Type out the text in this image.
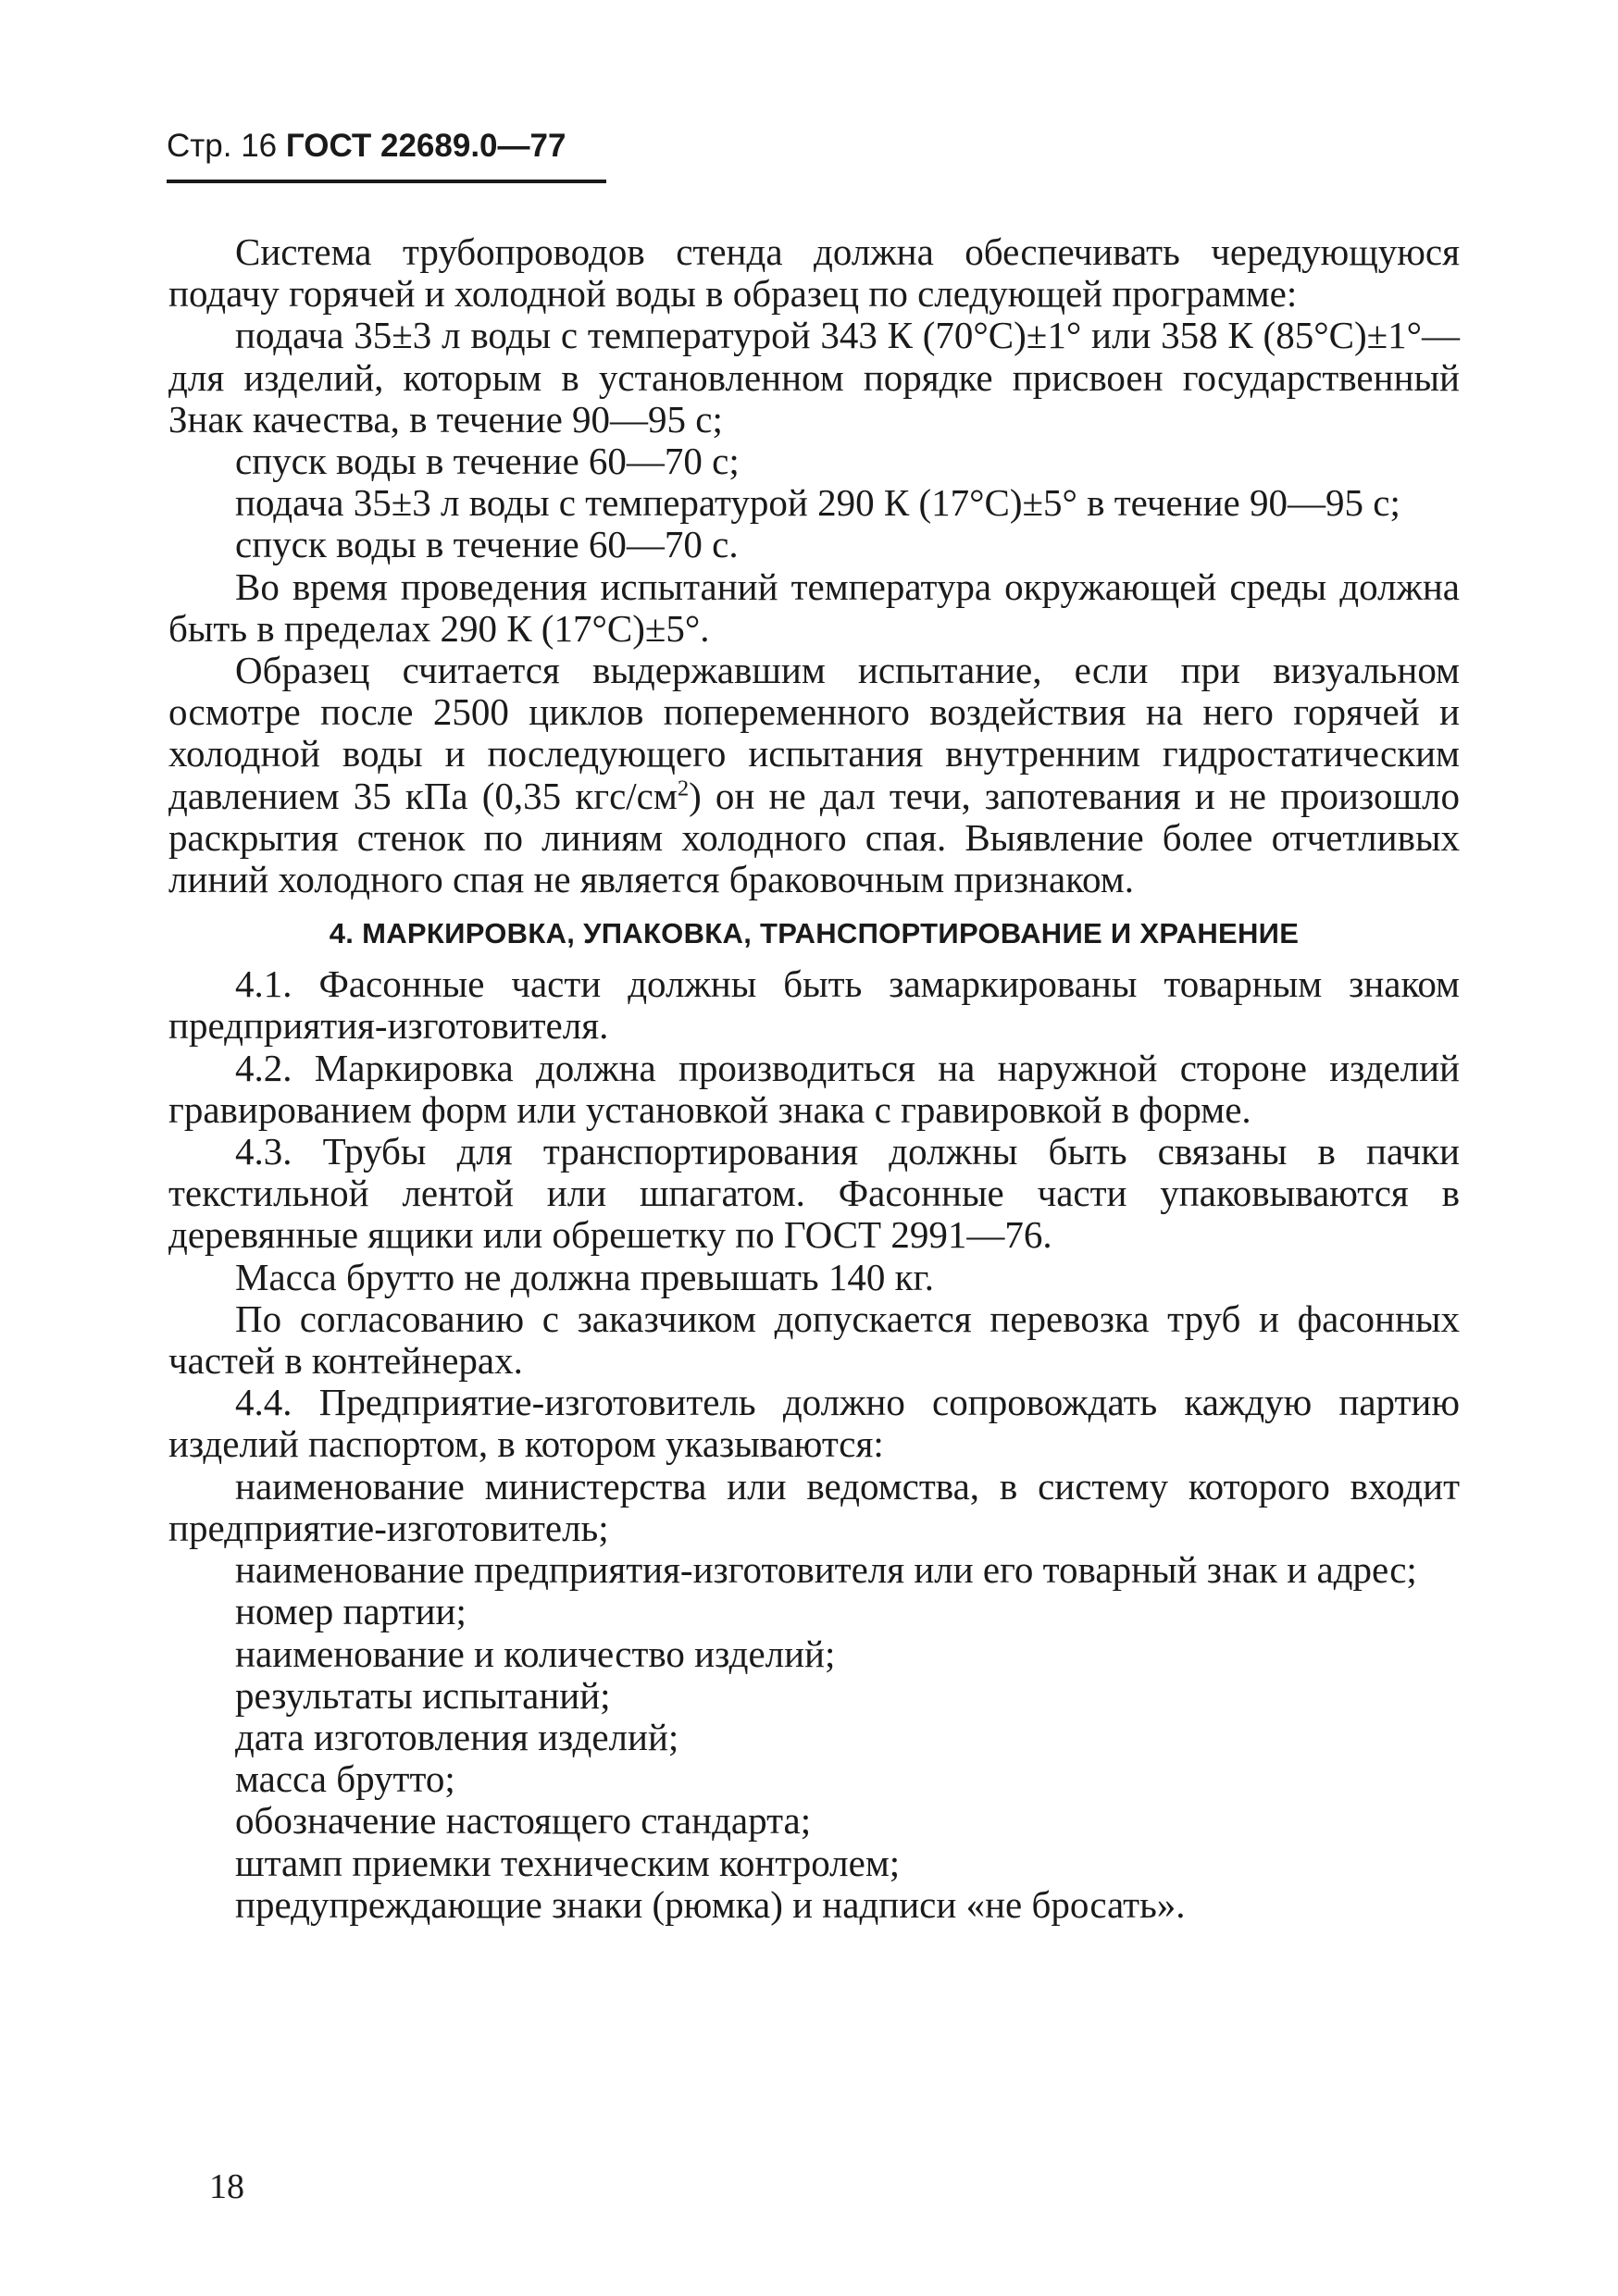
Стр. 16 ГОСТ 22689.0—77

Система трубопроводов стенда должна обеспечивать чередующуюся подачу горячей и холодной воды в образец по следующей программе:

подача 35±3 л воды с температурой 343 К (70°С)±1° или 358 К (85°С)±1°— для изделий, которым в установленном порядке присвоен государственный Знак качества, в течение 90—95 с;

спуск воды в течение 60—70 с;

подача 35±3 л воды с температурой 290 К (17°С)±5° в течение 90—95 с;

спуск воды в течение 60—70 с.

Во время проведения испытаний температура окружающей среды должна быть в пределах 290 К (17°С)±5°.

Образец считается выдержавшим испытание, если при визуальном осмотре после 2500 циклов попеременного воздействия на него горячей и холодной воды и последующего испытания внутренним гидростатическим давлением 35 кПа (0,35 кгс/$см^2$) он не дал течи, запотевания и не произошло раскрытия стенок по линиям холодного спая. Выявление более отчетливых линий холодного спая не является браковочным признаком.

4. МАРКИРОВКА, УПАКОВКА, ТРАНСПОРТИРОВАНИЕ И ХРАНЕНИЕ

4.1. Фасонные части должны быть замаркированы товарным знаком предприятия-изготовителя.

4.2. Маркировка должна производиться на наружной стороне изделий гравированием форм или установкой знака с гравировкой в форме.

4.3. Трубы для транспортирования должны быть связаны в пачки текстильной лентой или шпагатом. Фасонные части упаковываются в деревянные ящики или обрешетку по ГОСТ 2991—76.

Масса брутто не должна превышать 140 кг.

По согласованию с заказчиком допускается перевозка труб и фасонных частей в контейнерах.

4.4. Предприятие-изготовитель должно сопровождать каждую партию изделий паспортом, в котором указываются:

наименование министерства или ведомства, в систему которого входит предприятие-изготовитель;

наименование предприятия-изготовителя или его товарный знак и адрес;

номер партии;

наименование и количество изделий;

результаты испытаний;

дата изготовления изделий;

масса брутто;

обозначение настоящего стандарта;

штамп приемки техническим контролем;

предупреждающие знаки (рюмка) и надписи «не бросать».

18
